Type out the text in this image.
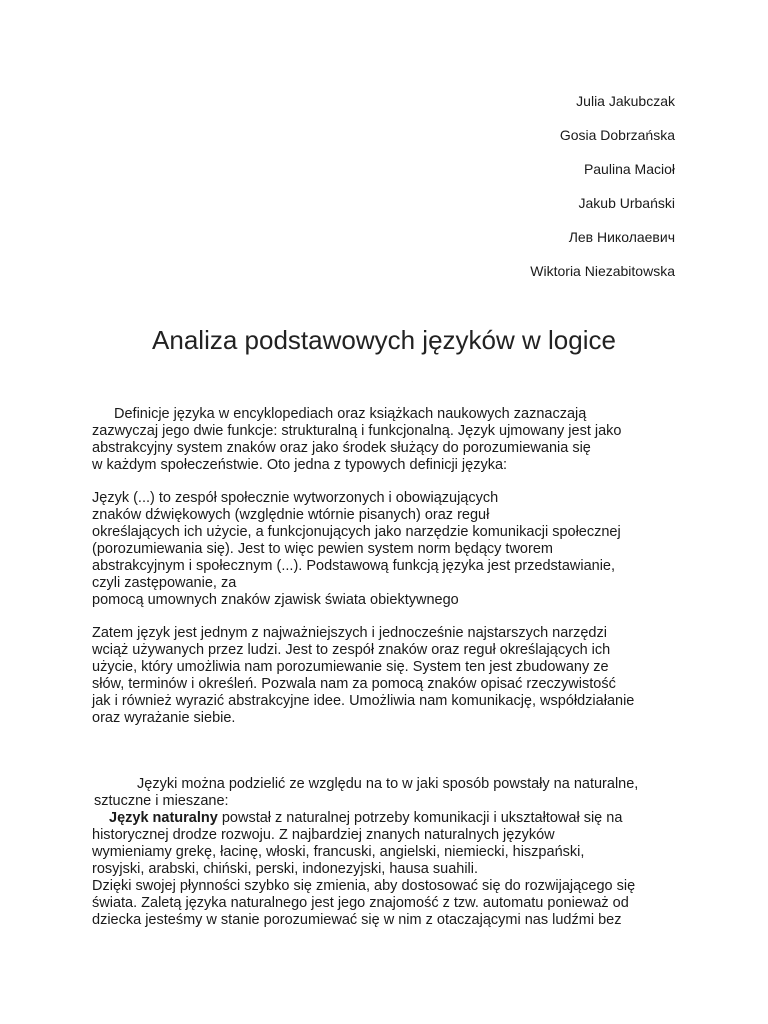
Julia Jakubczak
Gosia Dobrzańska
Paulina Macioł
Jakub Urbański
Лев Николаевич
Wiktoria Niezabitowska
Analiza podstawowych języków w logice
Definicje języka w encyklopediach oraz książkach naukowych zaznaczają
zazwyczaj jego dwie funkcje: strukturalną i funkcjonalną. Język ujmowany jest jako
abstrakcyjny system znaków oraz jako środek służący do porozumiewania się
w każdym społeczeństwie. Oto jedna z typowych definicji języka:
Język (...) to zespół społecznie wytworzonych i obowiązujących
znaków dźwiękowych (względnie wtórnie pisanych) oraz reguł
określających ich użycie, a funkcjonujących jako narzędzie komunikacji społecznej
(porozumiewania się). Jest to więc pewien system norm będący tworem
abstrakcyjnym i społecznym (...). Podstawową funkcją języka jest przedstawianie,
czyli zastępowanie, za
pomocą umownych znaków zjawisk świata obiektywnego
Zatem język jest jednym z najważniejszych i jednocześnie najstarszych narzędzi
wciąż używanych przez ludzi. Jest to zespół znaków oraz reguł określających ich
użycie, który umożliwia nam porozumiewanie się. System ten jest zbudowany ze
słów, terminów i określeń. Pozwala nam za pomocą znaków opisać rzeczywistość
jak i również wyrazić abstrakcyjne idee. Umożliwia nam komunikację, współdziałanie
oraz wyrażanie siebie.
Języki można podzielić ze względu na to w jaki sposób powstały na naturalne,
sztuczne i mieszane:
Język naturalny powstał z naturalnej potrzeby komunikacji i ukształtował się na
historycznej drodze rozwoju. Z najbardziej znanych naturalnych języków
wymieniamy grekę, łacinę, włoski, francuski, angielski, niemiecki, hiszpański,
rosyjski, arabski, chiński, perski, indonezyjski, hausa suahili.
Dzięki swojej płynności szybko się zmienia, aby dostosować się do rozwijającego się
świata. Zaletą języka naturalnego jest jego znajomość z tzw. automatu ponieważ od
dziecka jesteśmy w stanie porozumiewać się w nim z otaczającymi nas ludźmi bez
